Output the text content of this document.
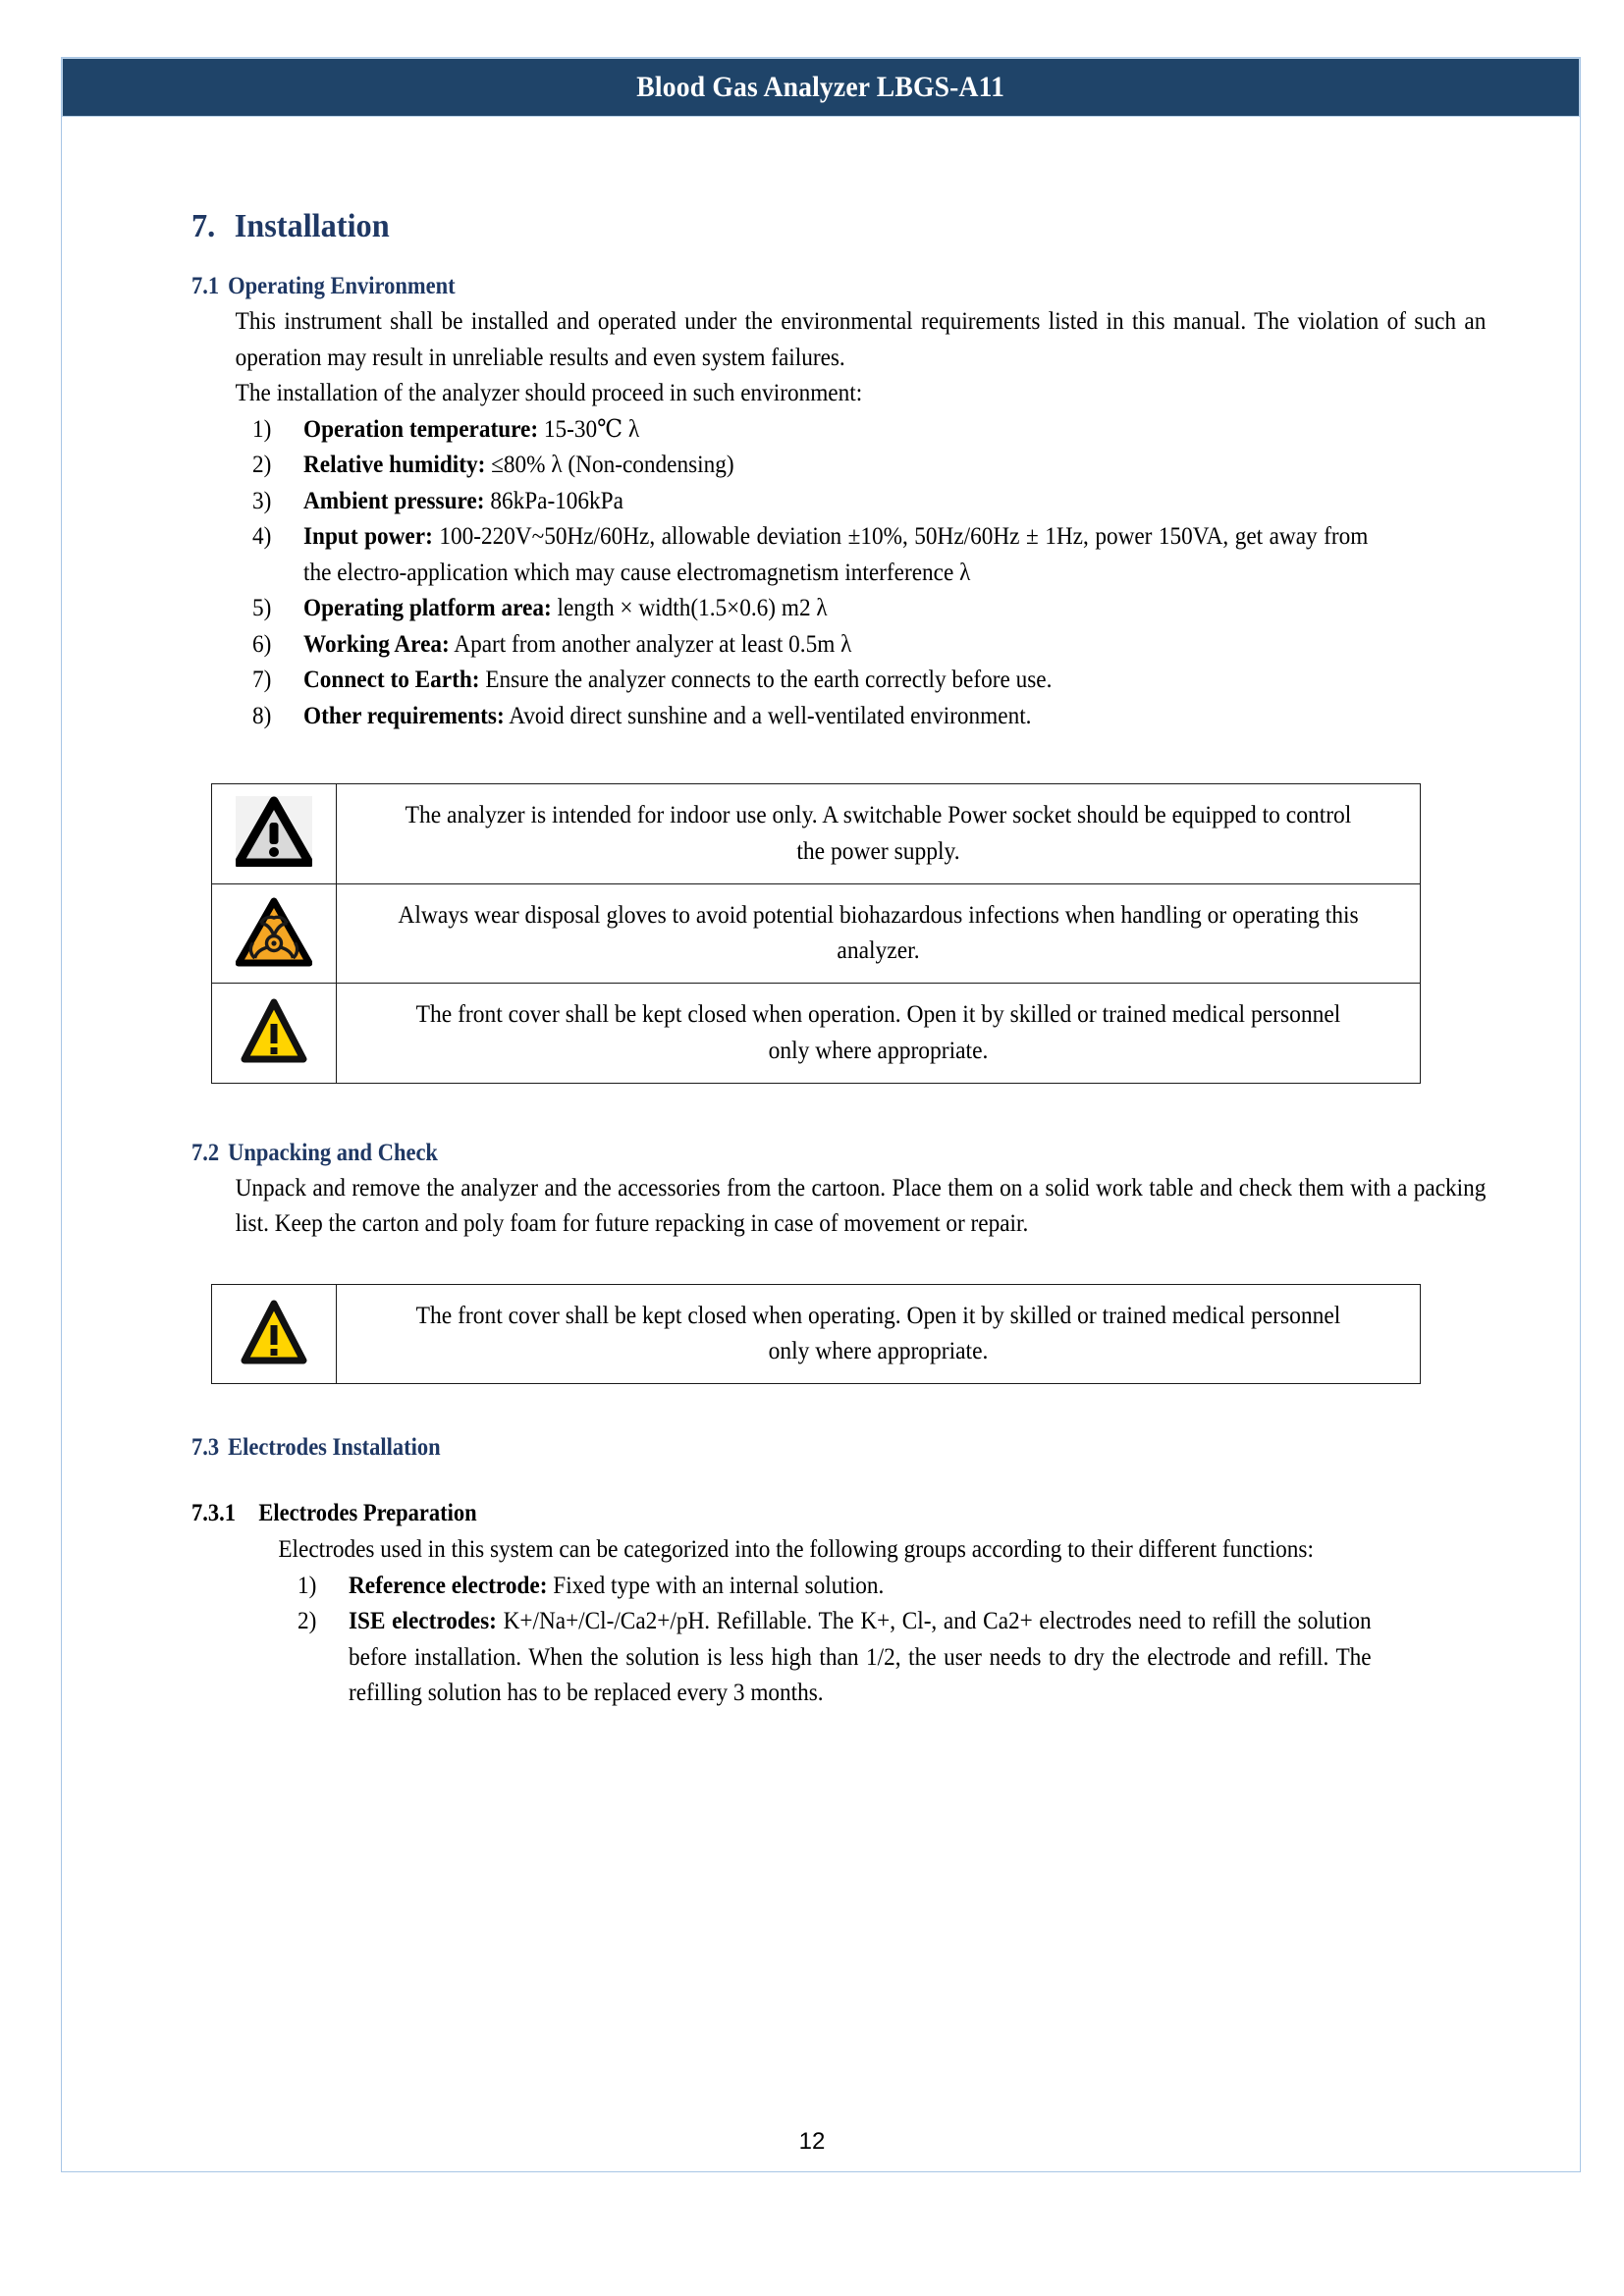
Blood Gas Analyzer LBGS-A11
7. Installation
7.1 Operating Environment

This instrument shall be installed and operated under the environmental requirements listed in this manual. The violation of such an operation may result in unreliable results and even system failures.

The installation of the analyzer should proceed in such environment:

1)	Operation temperature: 15-30℃ λ
2)	Relative humidity: ≤80% λ (Non-condensing)
3)	Ambient pressure: 86kPa-106kPa
4)	Input power: 100-220V~50Hz/60Hz, allowable deviation ±10%, 50Hz/60Hz ± 1Hz, power 150VA, get away from the electro-application which may cause electromagnetism interference λ
5)	Operating platform area: length × width(1.5×0.6) m2 λ
6)	Working Area: Apart from another analyzer at least 0.5m λ
7)	Connect to Earth: Ensure the analyzer connects to the earth correctly before use.
8)	Other requirements: Avoid direct sunshine and a well-ventilated environment.
	The analyzer is intended for indoor use only. A switchable Power socket should be equipped to control the power supply.
	Always wear disposal gloves to avoid potential biohazardous infections when handling or operating this analyzer.
	The front cover shall be kept closed when operation. Open it by skilled or trained medical personnel only where appropriate.
7.2 Unpacking and Check

Unpack and remove the analyzer and the accessories from the cartoon. Place them on a solid work table and check them with a packing list. Keep the carton and poly foam for future repacking in case of movement or repair.

	The front cover shall be kept closed when operating. Open it by skilled or trained medical personnel only where appropriate.
7.3 Electrodes Installation
7.3.1 Electrodes Preparation

Electrodes used in this system can be categorized into the following groups according to their different functions:

1)	Reference electrode: Fixed type with an internal solution.
2)	ISE electrodes: K+/Na+/Cl-/Ca2+/pH. Refillable. The K+, Cl-, and Ca2+ electrodes need to refill the solution before installation. When the solution is less high than 1/2, the user needs to dry the electrode and refill. The refilling solution has to be replaced every 3 months.
12
